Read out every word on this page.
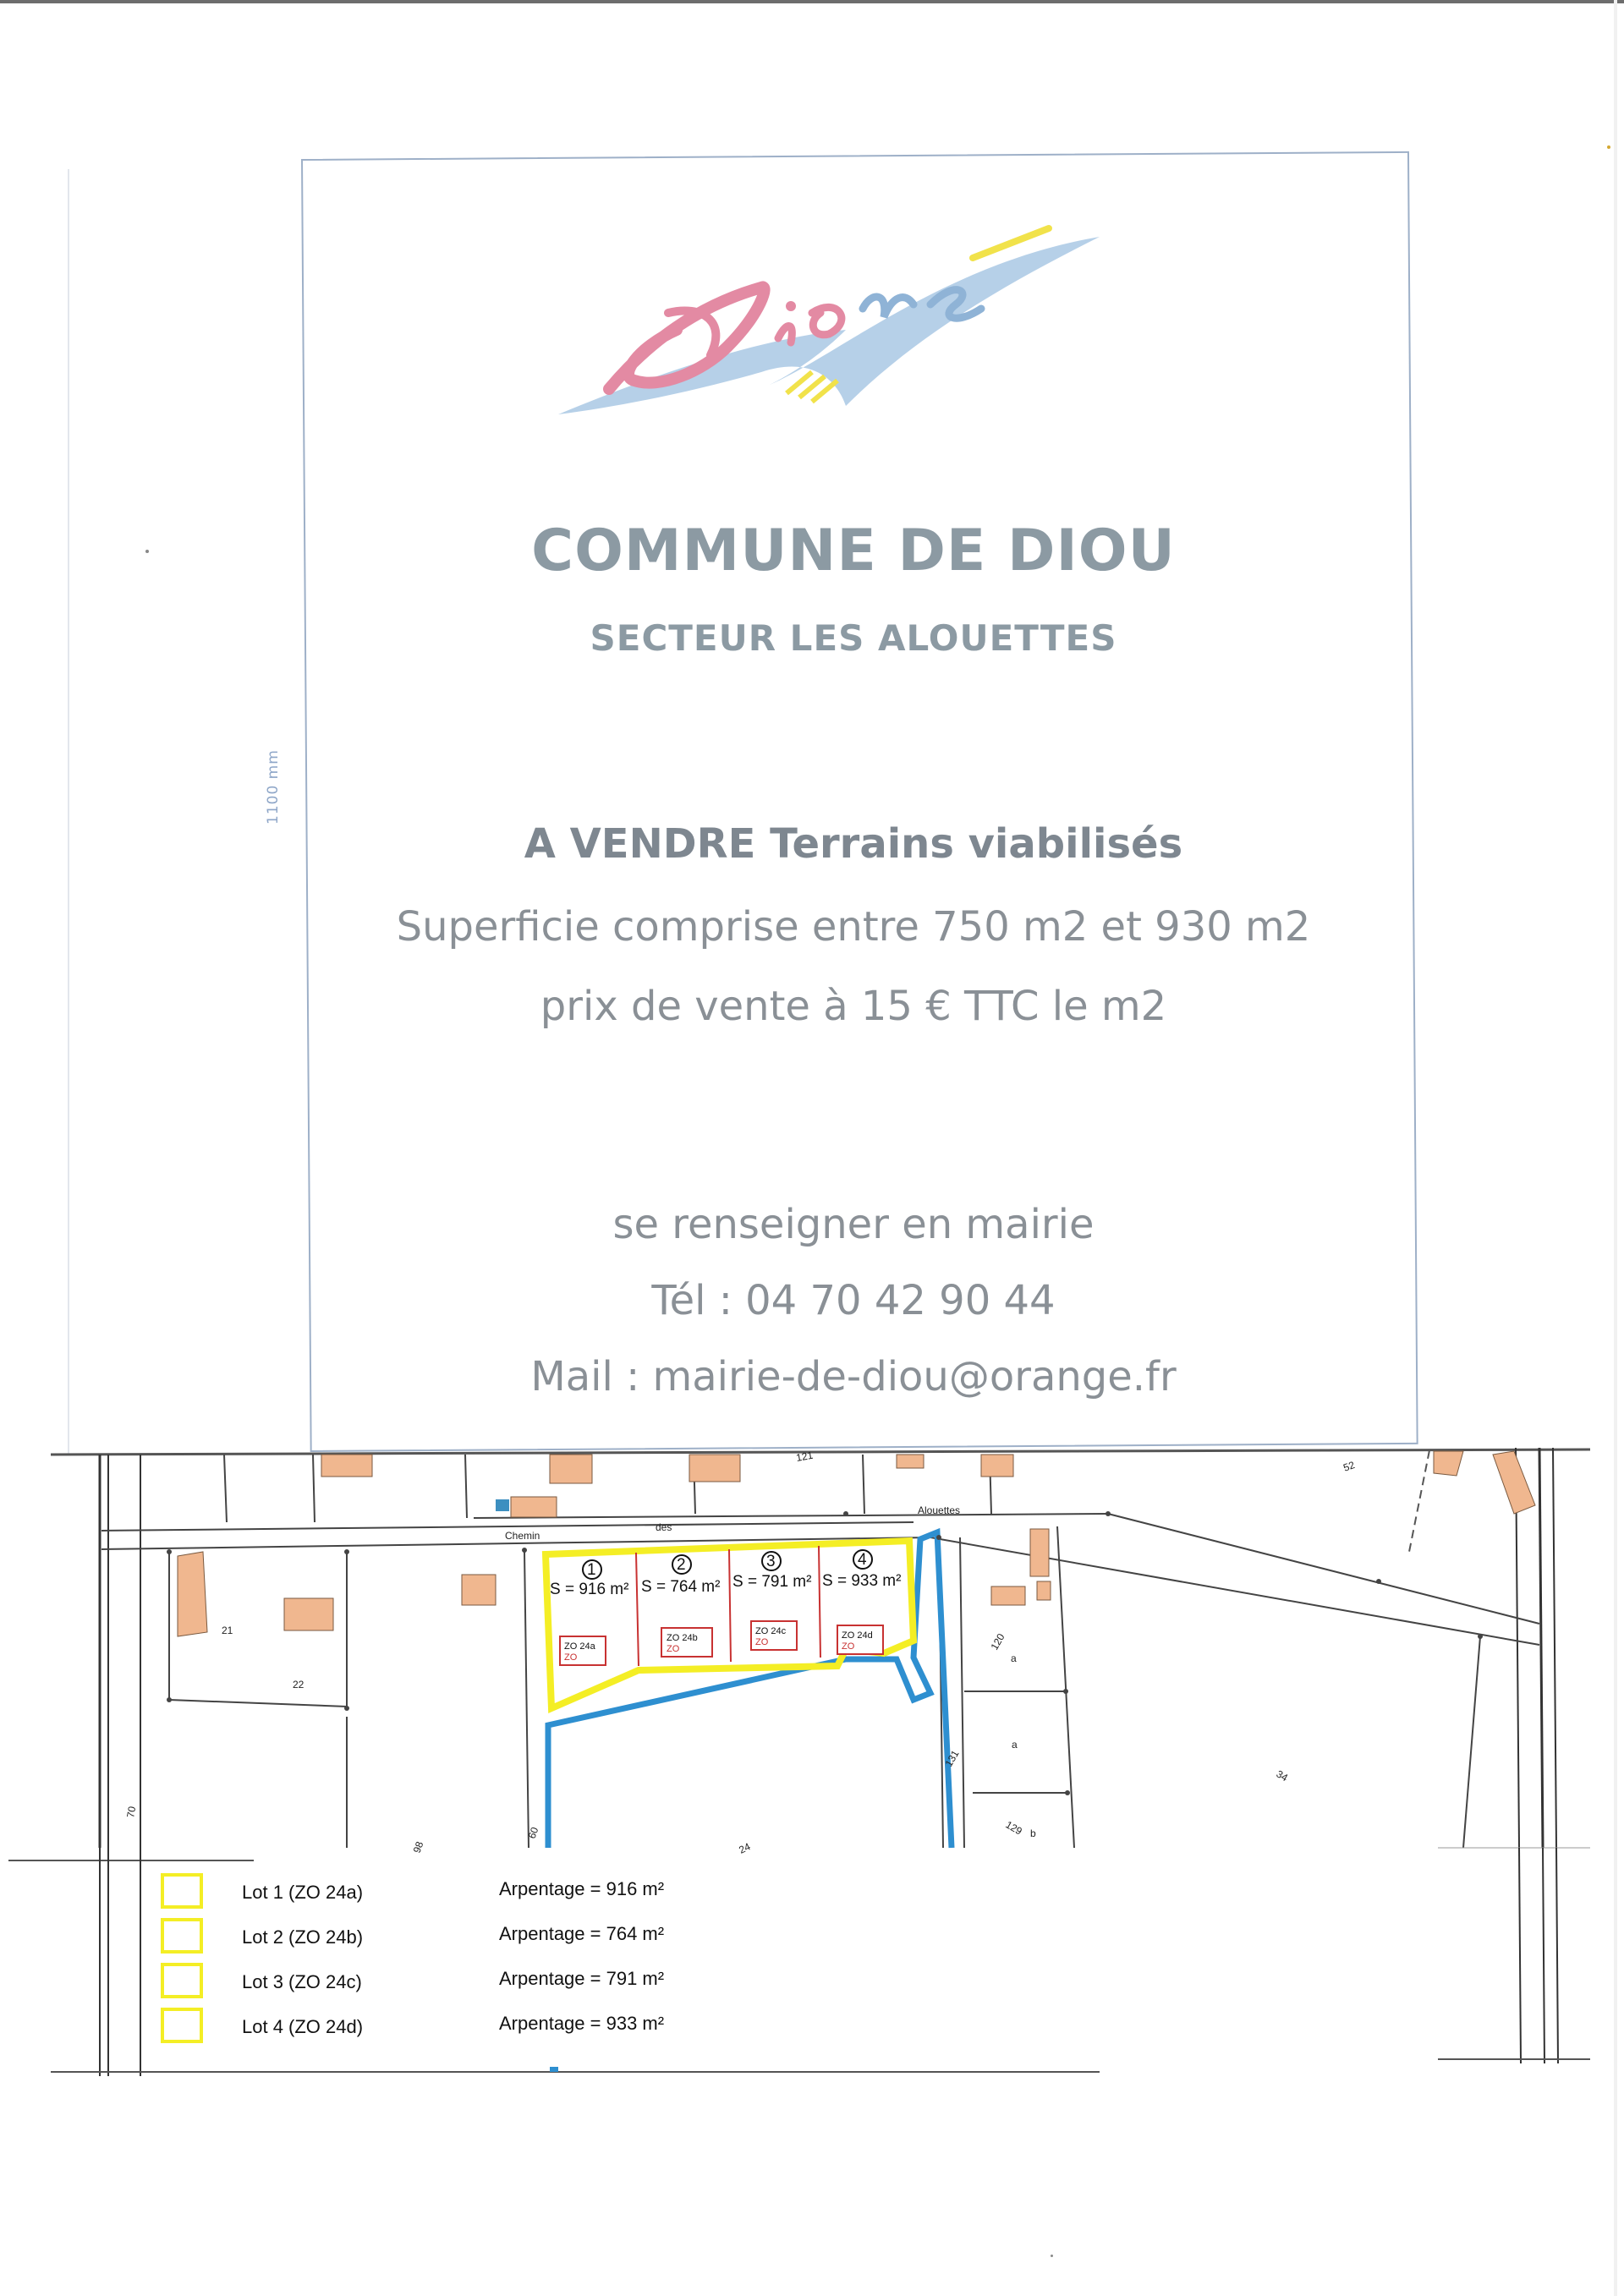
1100 mm
COMMUNE DE DIOU
SECTEUR LES ALOUETTES
A VENDRE Terrains viabilisés
Superficie comprise entre 750 m2 et 930 m2
prix de vente à 15 € TTC le m2
se renseigner en mairie
Tél : 04 70 42 90 44
Mail : mairie-de-diou@orange.fr
1
S = 916 m²
ZO 24a
ZO
2
S = 764 m²
ZO 24b
ZO
3
S = 791 m²
ZO 24c
ZO
4
S = 933 m²
ZO 24d
ZO
Chemin
des
Alouettes
21
22
70
98
60
24
120
131
129
34
52
121
a
a
b
Lot 1 (ZO 24a)	Arpentage = 916 m²
Lot 2 (ZO 24b)	Arpentage = 764 m²
Lot 3 (ZO 24c)	Arpentage = 791 m²
Lot 4 (ZO 24d)	Arpentage = 933 m²
